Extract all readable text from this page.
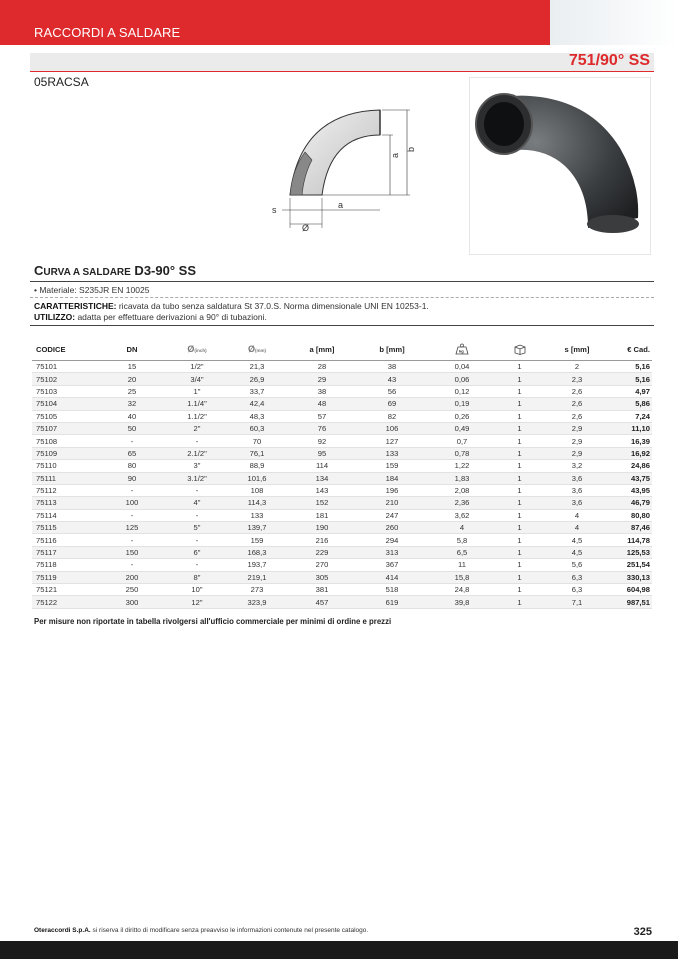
RACCORDI A SALDARE
751/90° SS
05RACSA
a
b
s	a
Ø
CURVA A SALDARE D3-90° SS
• Materiale: S235JR EN 10025
CARATTERISTICHE: ricavata da tubo senza saldatura St 37.0.S. Norma dimensionale UNI EN 10253-1.
UTILIZZO: adatta per effettuare derivazioni a 90° di tubazioni.
CODICE	DN	Ø(inch)	Ø(mm)	a [mm]	b [mm]	kg		s [mm]	€ Cad.
75101	15	1/2"	21,3	28	38	0,04	1	2	5,16
75102	20	3/4"	26,9	29	43	0,06	1	2,3	5,16
75103	25	1"	33,7	38	56	0,12	1	2,6	4,97
75104	32	1.1/4"	42,4	48	69	0,19	1	2,6	5,86
75105	40	1.1/2"	48,3	57	82	0,26	1	2,6	7,24
75107	50	2"	60,3	76	106	0,49	1	2,9	11,10
75108	-	-	70	92	127	0,7	1	2,9	16,39
75109	65	2.1/2"	76,1	95	133	0,78	1	2,9	16,92
75110	80	3"	88,9	114	159	1,22	1	3,2	24,86
75111	90	3.1/2"	101,6	134	184	1,83	1	3,6	43,75
75112	-	-	108	143	196	2,08	1	3,6	43,95
75113	100	4"	114,3	152	210	2,36	1	3,6	46,79
75114	-	-	133	181	247	3,62	1	4	80,80
75115	125	5"	139,7	190	260	4	1	4	87,46
75116	-	-	159	216	294	5,8	1	4,5	114,78
75117	150	6"	168,3	229	313	6,5	1	4,5	125,53
75118	-	-	193,7	270	367	11	1	5,6	251,54
75119	200	8"	219,1	305	414	15,8	1	6,3	330,13
75121	250	10"	273	381	518	24,8	1	6,3	604,98
75122	300	12"	323,9	457	619	39,8	1	7,1	987,51
Per misure non riportate in tabella rivolgersi all'ufficio commerciale per minimi di ordine e prezzi
Oteraccordi S.p.A. si riserva il diritto di modificare senza preavviso le informazioni contenute nel presente catalogo.	325
